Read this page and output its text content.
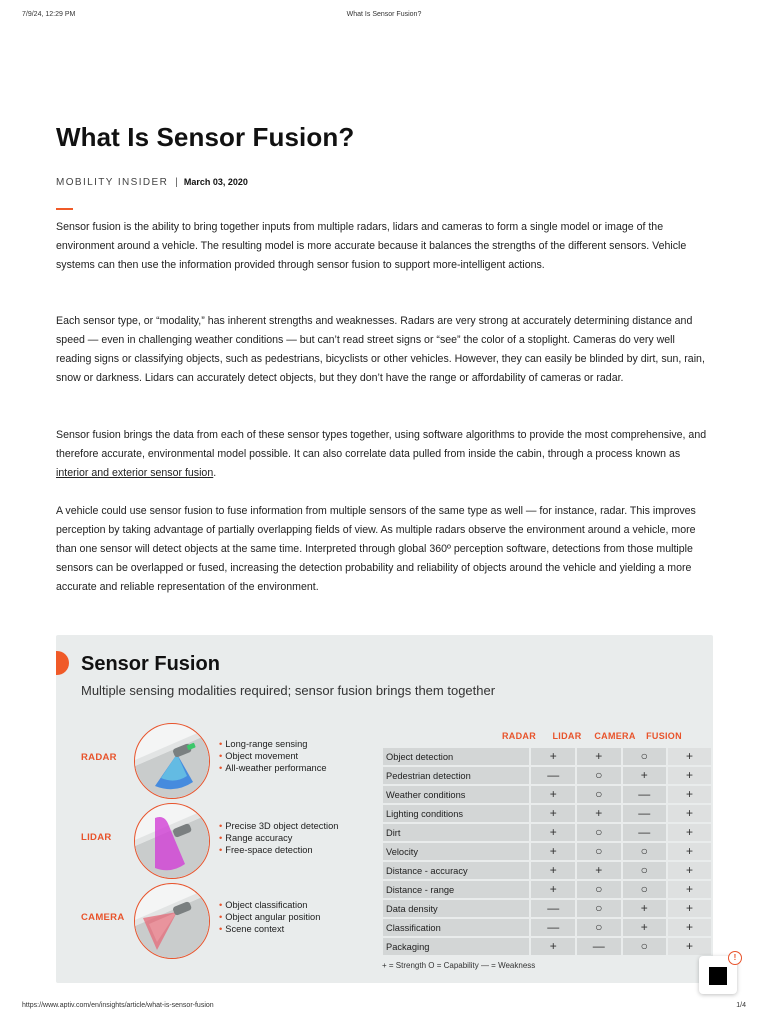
7/9/24, 12:29 PM	What Is Sensor Fusion?
What Is Sensor Fusion?
MOBILITY INSIDER | March 03, 2020

Sensor fusion is the ability to bring together inputs from multiple radars, lidars and cameras to form a single model or image of the environment around a vehicle. The resulting model is more accurate because it balances the strengths of the different sensors. Vehicle systems can then use the information provided through sensor fusion to support more-intelligent actions.

Each sensor type, or “modality,” has inherent strengths and weaknesses. Radars are very strong at accurately determining distance and speed — even in challenging weather conditions — but can’t read street signs or “see” the color of a stoplight. Cameras do very well reading signs or classifying objects, such as pedestrians, bicyclists or other vehicles. However, they can easily be blinded by dirt, sun, rain, snow or darkness. Lidars can accurately detect objects, but they don’t have the range or affordability of cameras or radar.

Sensor fusion brings the data from each of these sensor types together, using software algorithms to provide the most comprehensive, and therefore accurate, environmental model possible. It can also correlate data pulled from inside the cabin, through a process known as interior and exterior sensor fusion.

A vehicle could use sensor fusion to fuse information from multiple sensors of the same type as well — for instance, radar. This improves perception by taking advantage of partially overlapping fields of view. As multiple radars observe the environment around a vehicle, more than one sensor will detect objects at the same time. Interpreted through global 360º perception software, detections from those multiple sensors can be overlapped or fused, increasing the detection probability and reliability of objects around the vehicle and yielding a more accurate and reliable representation of the environment.

Sensor Fusion
Multiple sensing modalities required; sensor fusion brings them together
RADAR
• Long-range sensing
• Object movement
• All-weather performance
LIDAR
• Precise 3D object detection
• Range accuracy
• Free-space detection
CAMERA
• Object classification
• Object angular position
• Scene context
RADAR	LIDAR	CAMERA	FUSION
Object detection	+	+	○	+
Pedestrian detection	—	○	+	+
Weather conditions	+	○	—	+
Lighting conditions	+	+	—	+
Dirt	+	○	—	+
Velocity	+	○	○	+
Distance - accuracy	+	+	○	+
Distance - range	+	○	○	+
Data density	—	○	+	+
Classification	—	○	+	+
Packaging	+	—	○	+
+ = Strength O = Capability — = Weakness
!
https://www.aptiv.com/en/insights/article/what-is-sensor-fusion	1/4
